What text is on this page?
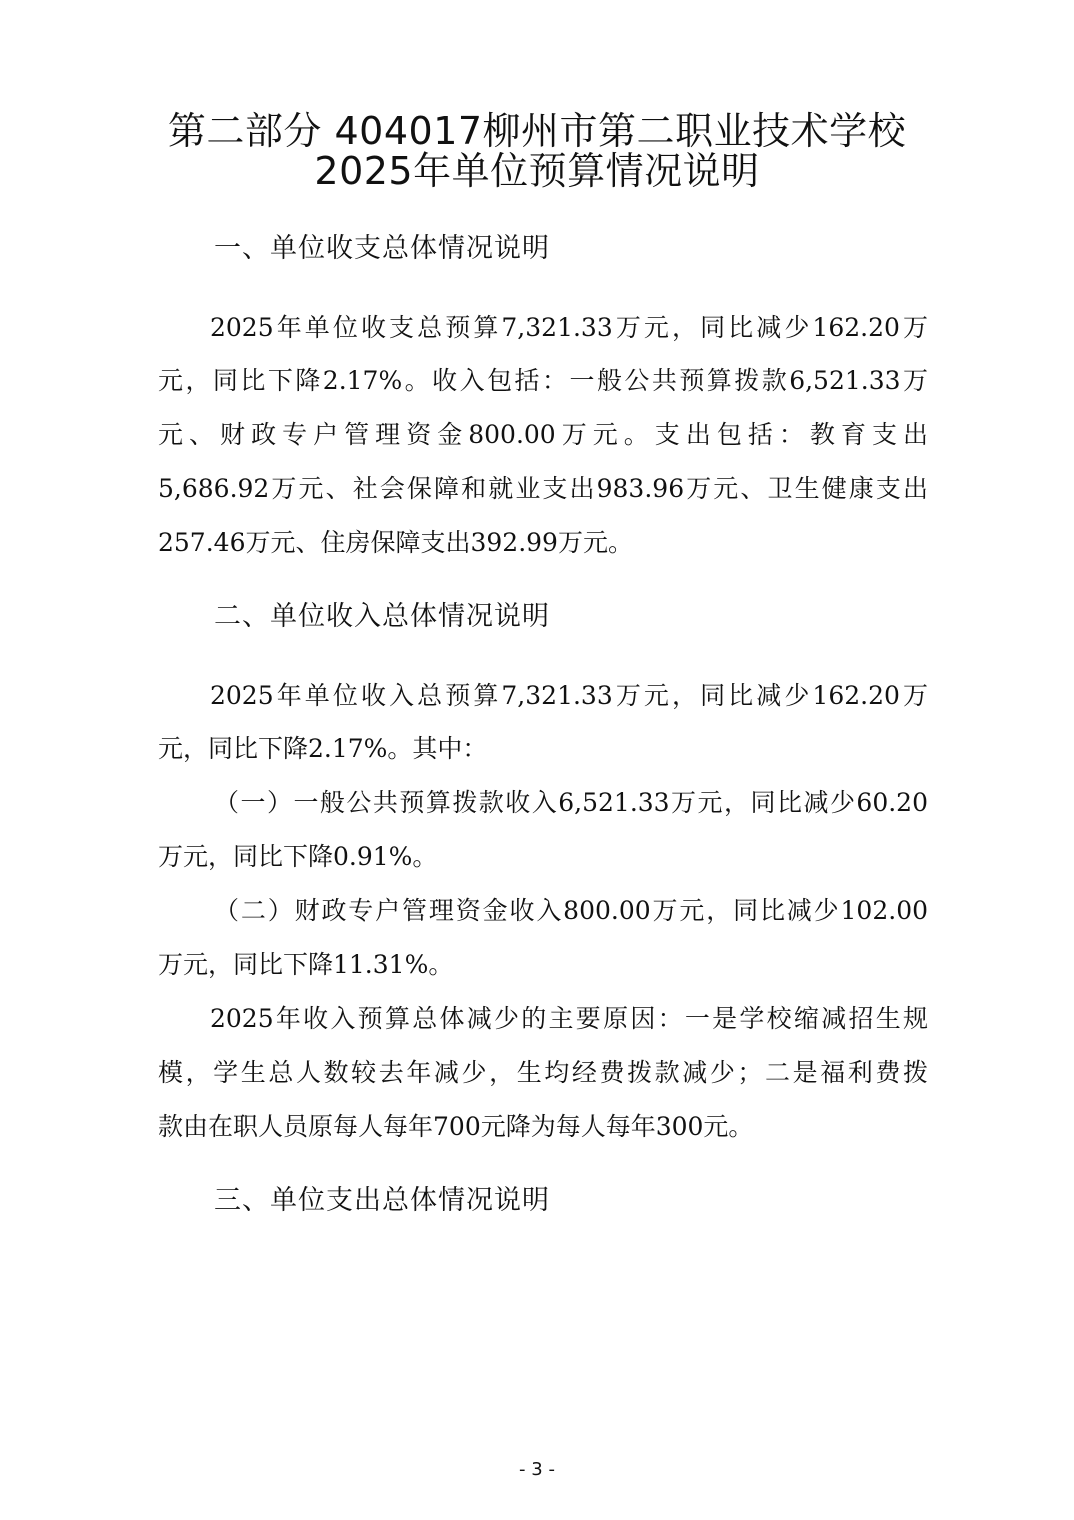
第二部分 404017柳州市第二职业技术学校
2025年单位预算情况说明
一、单位收支总体情况说明
2025年单位收支总预算7,321.33万元，同比减少162.20万
元，同比下降2.17%。收入包括：一般公共预算拨款6,521.33万
元、财政专户管理资金800.00万元。支出包括：教育支出
5,686.92万元、社会保障和就业支出983.96万元、卫生健康支出
257.46万元、住房保障支出392.99万元。
二、单位收入总体情况说明
2025年单位收入总预算7,321.33万元，同比减少162.20万
元，同比下降2.17%。其中：
（一）一般公共预算拨款收入6,521.33万元，同比减少60.20
万元，同比下降0.91%。
（二）财政专户管理资金收入800.00万元，同比减少102.00
万元，同比下降11.31%。
2025年收入预算总体减少的主要原因：一是学校缩减招生规
模，学生总人数较去年减少，生均经费拨款减少；二是福利费拨
款由在职人员原每人每年700元降为每人每年300元。
三、单位支出总体情况说明
- 3 -
